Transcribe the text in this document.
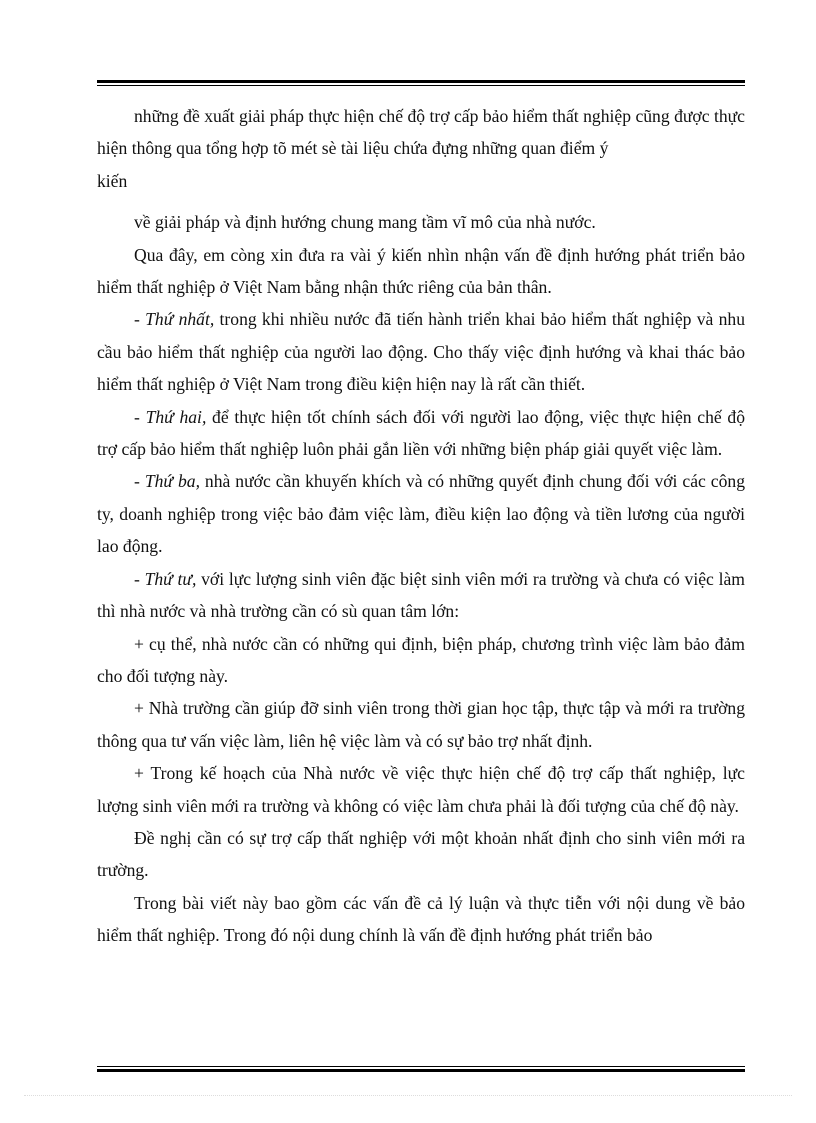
những đề xuất giải pháp thực hiện chế độ trợ cấp bảo hiểm thất nghiệp cũng được thực hiện thông qua tổng hợp tõ mét sè tài liệu chứa đựng những quan điểm ý

kiến

về giải pháp và định hướng chung mang tầm vĩ mô của nhà nước.

Qua đây, em còng xin đưa ra vài ý kiến nhìn nhận vấn đề định hướng phát triển bảo hiểm thất nghiệp ở Việt Nam bằng nhận thức riêng của bản thân.

- Thứ nhất, trong khi nhiều nước đã tiến hành triển khai bảo hiểm thất nghiệp và nhu cầu bảo hiểm thất nghiệp của người lao động. Cho thấy việc định hướng và khai thác bảo hiểm thất nghiệp ở Việt Nam trong điều kiện hiện nay là rất cần thiết.

- Thứ hai, để thực hiện tốt chính sách đối với người lao động, việc thực hiện chế độ trợ cấp bảo hiểm thất nghiệp luôn phải gắn liền với những biện pháp giải quyết việc làm.

- Thứ ba, nhà nước cần khuyến khích và có những quyết định chung đối với các công ty, doanh nghiệp trong việc bảo đảm việc làm, điều kiện lao động và tiền lương của người lao động.

- Thứ tư, với lực lượng sinh viên đặc biệt sinh viên mới ra trường và chưa có việc làm thì nhà nước và nhà trường cần có sù quan tâm lớn:

+ cụ thể, nhà nước cần có những qui định, biện pháp, chương trình việc làm bảo đảm cho đối tượng này.

+ Nhà trường cần giúp đỡ sinh viên trong thời gian học tập, thực tập và mới ra trường thông qua tư vấn việc làm, liên hệ việc làm và có sự bảo trợ nhất định.

+ Trong kế hoạch của Nhà nước về việc thực hiện chế độ trợ cấp thất nghiệp, lực lượng sinh viên mới ra trường và không có việc làm chưa phải là đối tượng của chế độ này.

Đề nghị cần có sự trợ cấp thất nghiệp với một khoản nhất định cho sinh viên mới ra trường.

Trong bài viết này bao gồm các vấn đề cả lý luận và thực tiễn với nội dung về bảo hiểm thất nghiệp. Trong đó nội dung chính là vấn đề định hướng phát triển bảo
